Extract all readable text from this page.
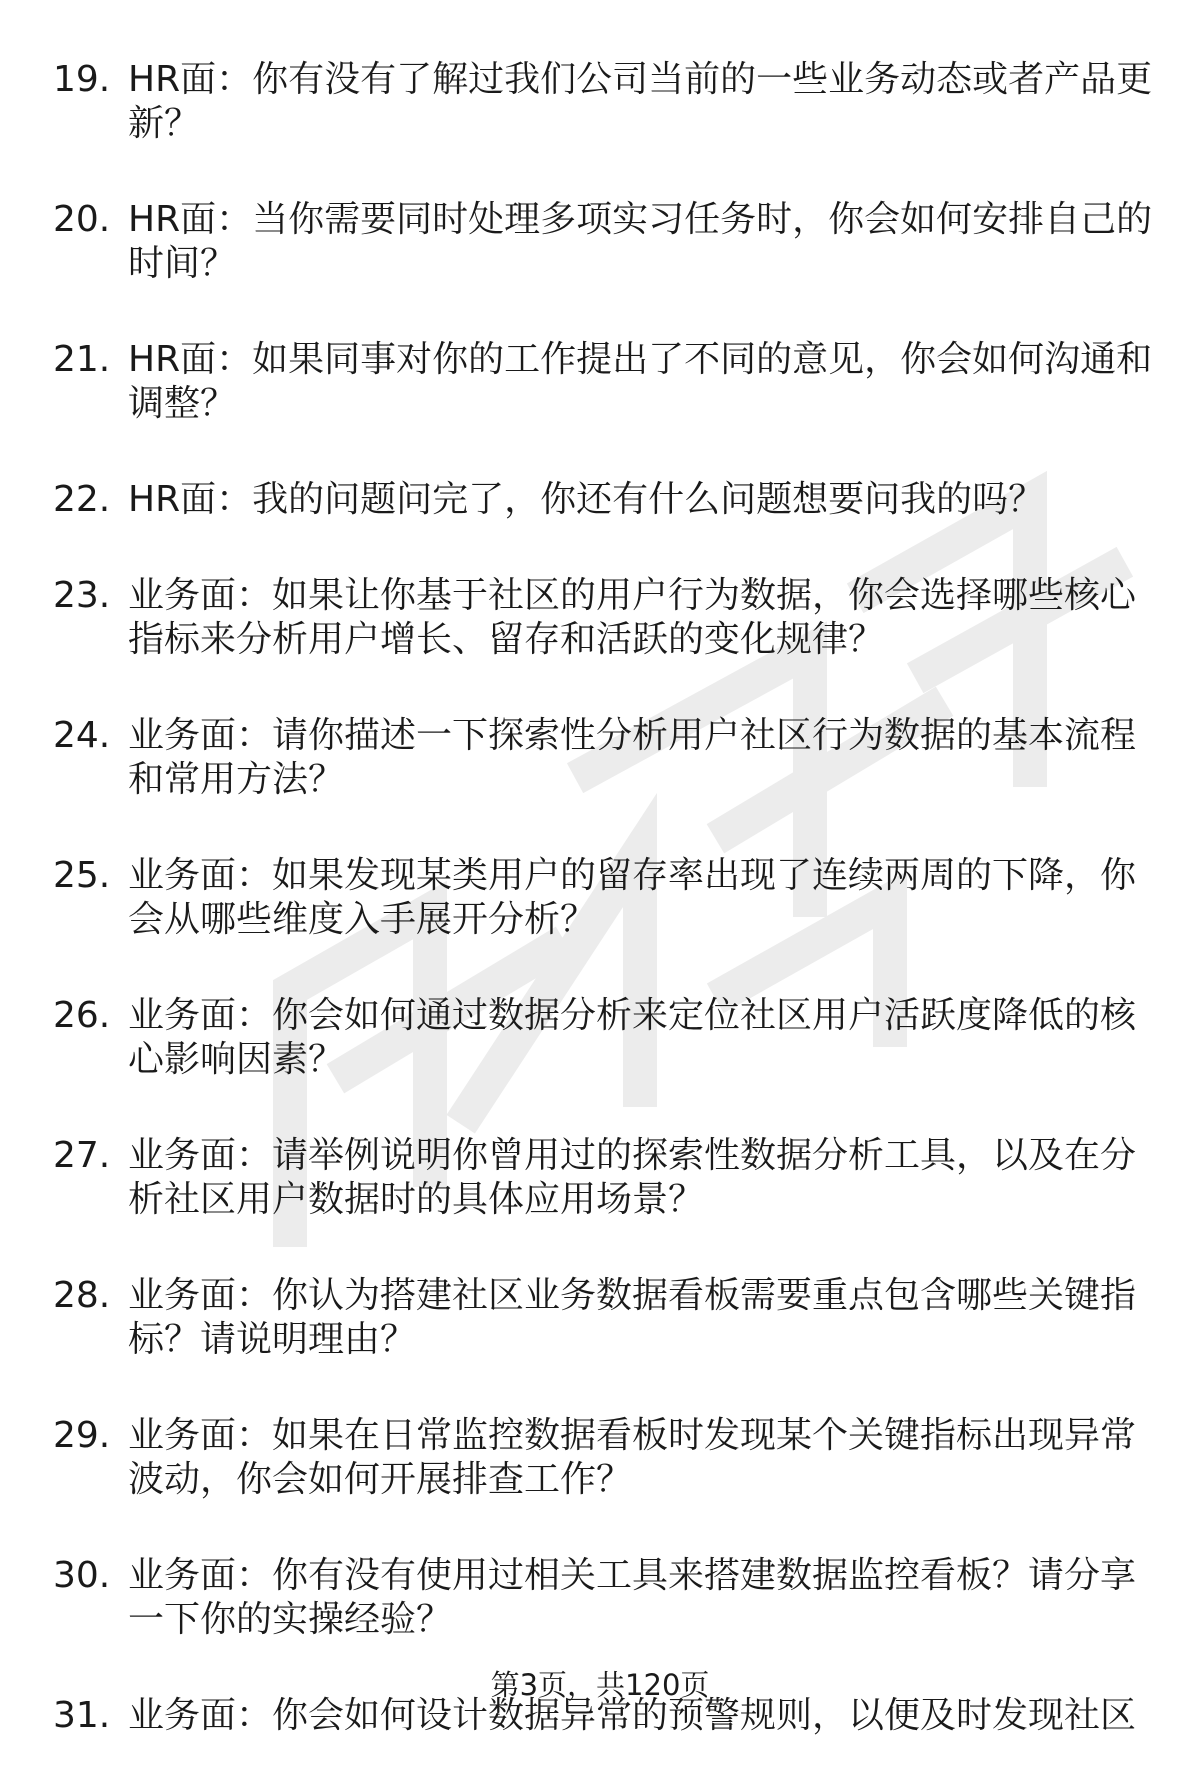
19. HR面：你有没有了解过我们公司当前的一些业务动态或者产品更新？
20. HR面：当你需要同时处理多项实习任务时，你会如何安排自己的时间？
21. HR面：如果同事对你的工作提出了不同的意见，你会如何沟通和调整？
22. HR面：我的问题问完了，你还有什么问题想要问我的吗？
23. 业务面：如果让你基于社区的用户行为数据，你会选择哪些核心指标来分析用户增长、留存和活跃的变化规律？
24. 业务面：请你描述一下探索性分析用户社区行为数据的基本流程和常用方法？
25. 业务面：如果发现某类用户的留存率出现了连续两周的下降，你会从哪些维度入手展开分析？
26. 业务面：你会如何通过数据分析来定位社区用户活跃度降低的核心影响因素？
27. 业务面：请举例说明你曾用过的探索性数据分析工具，以及在分析社区用户数据时的具体应用场景？
28. 业务面：你认为搭建社区业务数据看板需要重点包含哪些关键指标？请说明理由？
29. 业务面：如果在日常监控数据看板时发现某个关键指标出现异常波动，你会如何开展排查工作？
30. 业务面：你有没有使用过相关工具来搭建数据监控看板？请分享一下你的实操经验？
31. 业务面：你会如何设计数据异常的预警规则，以便及时发现社区
第3页，共120页
